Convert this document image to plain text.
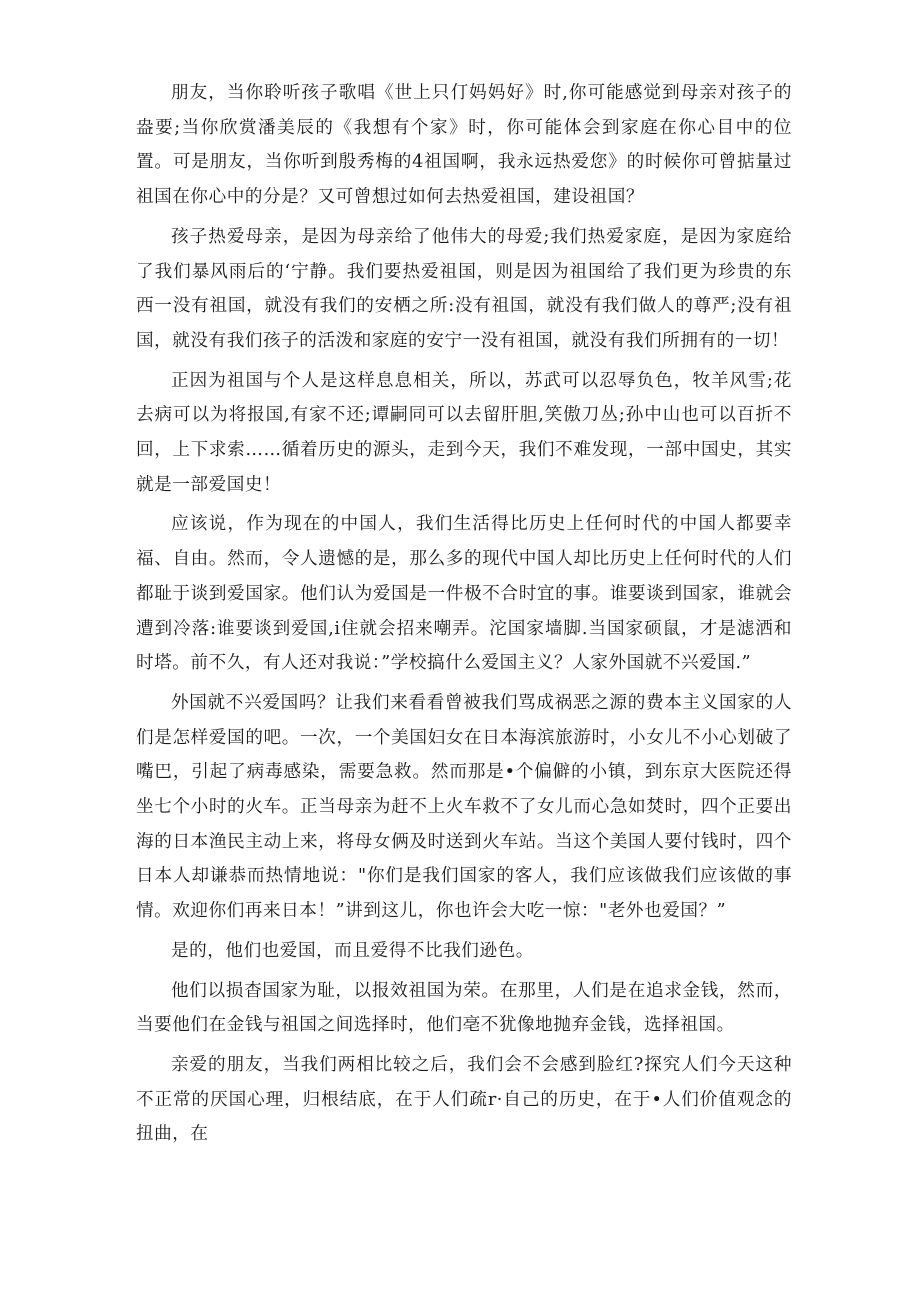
朋友，当你聆听孩子歌唱《世上只仃妈妈好》时,你可能感觉到母亲对孩子的盎要;当你欣赏潘美辰的《我想有个家》时，你可能体会到家庭在你心目中的位置。可是朋友，当你听到殷秀梅的4祖国啊，我永远热爱您》的时候你可曾掂量过祖国在你心中的分是？又可曾想过如何去热爱祖国，建设祖国？

孩子热爱母亲，是因为母亲给了他伟大的母爱;我们热爱家庭，是因为家庭给了我们暴风雨后的‘宁静。我们要热爱祖国，则是因为祖国给了我们更为珍贵的东西一没有祖国，就没有我们的安栖之所:没有祖国，就没有我们做人的尊严;没有祖国，就没有我们孩子的活泼和家庭的安宁一没有祖国，就没有我们所拥有的一切！

正因为祖国与个人是这样息息相关，所以，苏武可以忍辱负色，牧羊风雪;花去病可以为将报国,有家不还;谭嗣同可以去留肝胆,笑傲刀丛;孙中山也可以百折不回，上下求索……循着历史的源头，走到今天，我们不难发现，一部中国史，其实就是一部爱国史！

应该说，作为现在的中国人，我们生活得比历史上任何时代的中国人都要幸福、自由。然而，令人遗憾的是，那么多的现代中国人却比历史上任何时代的人们都耻于谈到爱国家。他们认为爱国是一件极不合时宜的事。谁要谈到国家，谁就会遭到冷落:谁要谈到爱国,i住就会招来嘲弄。沱国家墙脚.当国家硕鼠，才是滤洒和时塔。前不久，有人还对我说：”学校搞什么爱国主义？人家外国就不兴爱国.”

外国就不兴爱国吗？让我们来看看曾被我们骂成祸恶之源的费本主义国家的人们是怎样爱国的吧。一次，一个美国妇女在日本海滨旅游时，小女儿不小心划破了嘴巴，引起了病毒感染，需要急救。然而那是•个偏僻的小镇，到东京大医院还得坐七个小时的火车。正当母亲为赶不上火车救不了女儿而心急如焚时，四个正要出海的日本渔民主动上来，将母女俩及时送到火车站。当这个美国人要付钱时，四个日本人却谦恭而热情地说："你们是我们国家的客人，我们应该做我们应该做的事情。欢迎你们再来日本！”讲到这儿，你也许会大吃一惊："老外也爱国？”

是的，他们也爱国，而且爱得不比我们逊色。

他们以损杳国家为耻，以报效祖国为荣。在那里，人们是在追求金钱，然而，当要他们在金钱与祖国之间选择时，他们亳不犹像地抛弃金钱，选择祖国。

亲爱的朋友，当我们两相比较之后，我们会不会感到脸红?探究人们今天这种不正常的厌国心理，归根结底，在于人们疏r·自己的历史，在于•人们价值观念的扭曲，在
